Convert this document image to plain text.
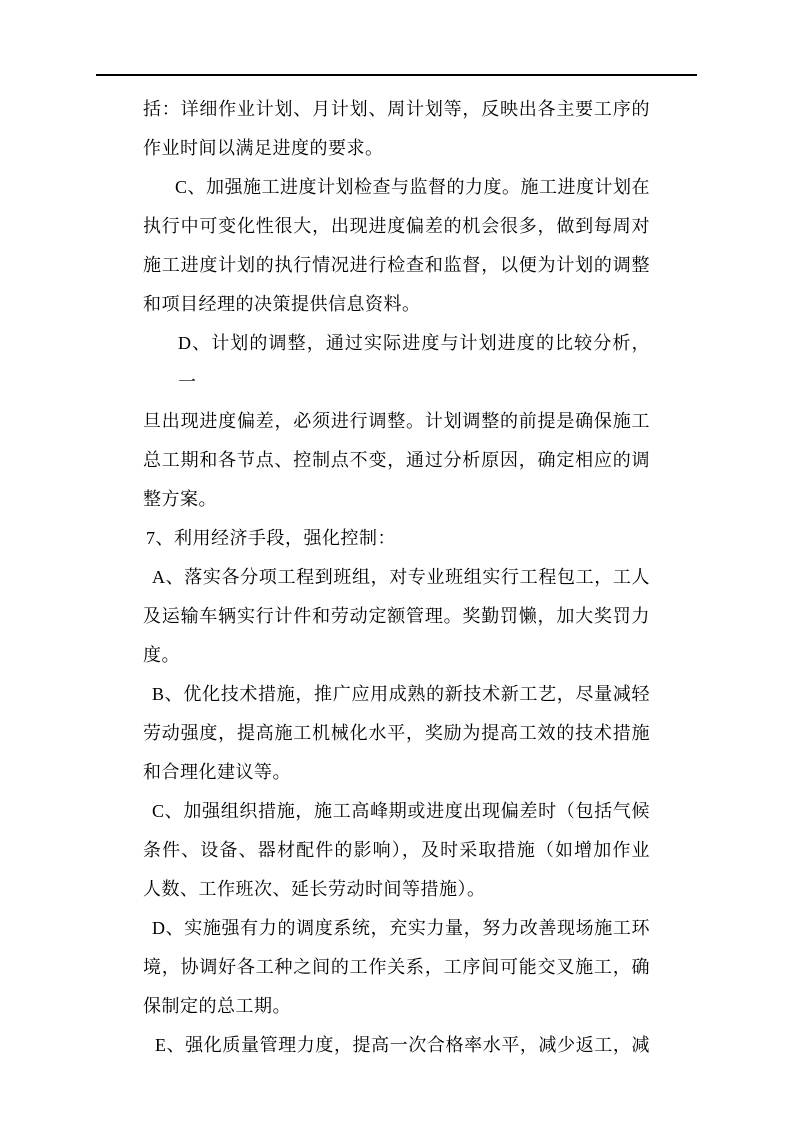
括：详细作业计划、月计划、周计划等，反映出各主要工序的
作业时间以满足进度的要求。
C、加强施工进度计划检查与监督的力度。施工进度计划在
执行中可变化性很大，出现进度偏差的机会很多，做到每周对
施工进度计划的执行情况进行检查和监督，以便为计划的调整
和项目经理的决策提供信息资料。
D、计划的调整，通过实际进度与计划进度的比较分析，一
旦出现进度偏差，必须进行调整。计划调整的前提是确保施工
总工期和各节点、控制点不变，通过分析原因，确定相应的调
整方案。
7、利用经济手段，强化控制：
A、落实各分项工程到班组，对专业班组实行工程包工，工人
及运输车辆实行计件和劳动定额管理。奖勤罚懒，加大奖罚力
度。
B、优化技术措施，推广应用成熟的新技术新工艺，尽量减轻
劳动强度，提高施工机械化水平，奖励为提高工效的技术措施
和合理化建议等。
C、加强组织措施，施工高峰期或进度出现偏差时（包括气候
条件、设备、器材配件的影响），及时采取措施（如增加作业
人数、工作班次、延长劳动时间等措施）。
D、实施强有力的调度系统，充实力量，努力改善现场施工环
境，协调好各工种之间的工作关系，工序间可能交叉施工，确
保制定的总工期。
E、强化质量管理力度，提高一次合格率水平，减少返工，减
